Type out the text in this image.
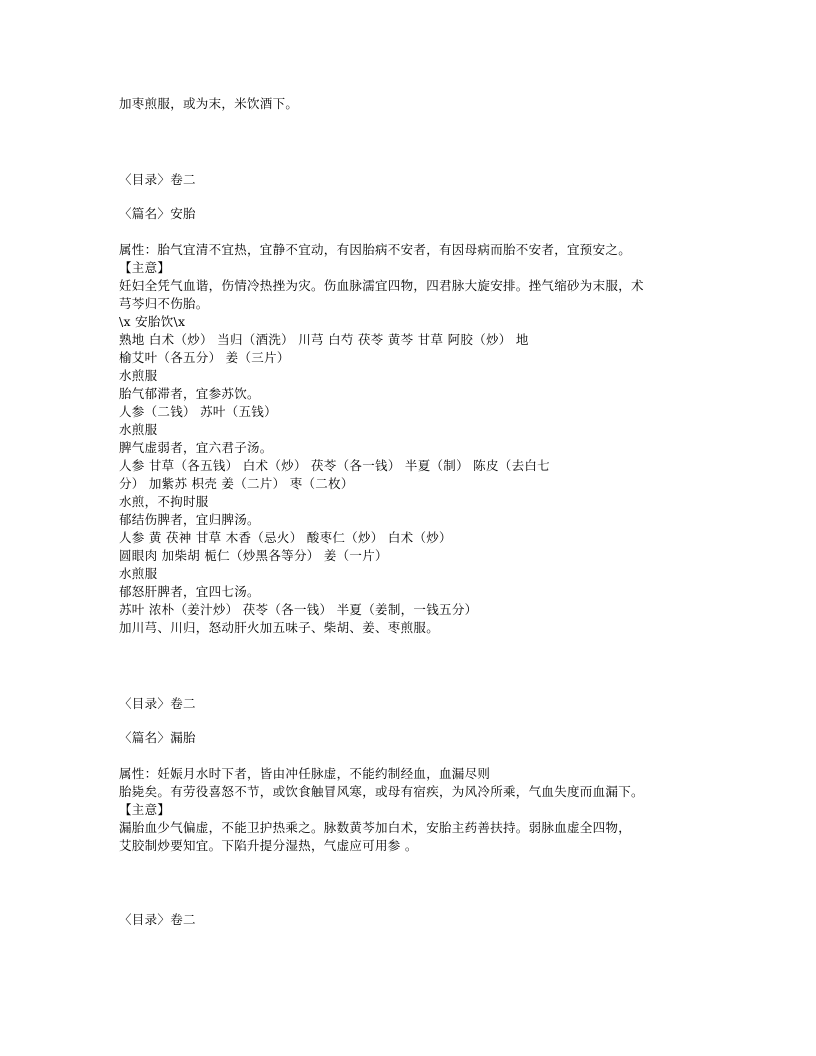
加枣煎服，或为末，米饮酒下。
〈目录〉卷二
〈篇名〉安胎
属性：胎气宜清不宜热，宜静不宜动，有因胎病不安者，有因母病而胎不安者，宜预安之。
【主意】
妊妇全凭气血谐，伤情冷热挫为灾。伤血脉濡宜四物，四君脉大旋安排。挫气缩砂为末服，术
芎芩归不伤胎。
\x 安胎饮\x
熟地 白术（炒） 当归（酒洗） 川芎 白芍 茯苓 黄芩 甘草 阿胶（炒） 地
榆艾叶（各五分） 姜（三片）
水煎服
胎气郁滞者，宜参苏饮。
人参（二钱） 苏叶（五钱）
水煎服
脾气虚弱者，宜六君子汤。
人参 甘草（各五钱） 白术（炒） 茯苓（各一钱） 半夏（制） 陈皮（去白七
分） 加紫苏 枳壳 姜（二片） 枣（二枚）
水煎，不拘时服
郁结伤脾者，宜归脾汤。
人参 黄 茯神 甘草 木香（忌火） 酸枣仁（炒） 白术（炒）
圆眼肉 加柴胡 栀仁（炒黑各等分） 姜（一片）
水煎服
郁怒肝脾者，宜四七汤。
苏叶 浓朴（姜汁炒） 茯苓（各一钱） 半夏（姜制，一钱五分）
加川芎、川归，怒动肝火加五味子、柴胡、姜、枣煎服。
〈目录〉卷二
〈篇名〉漏胎
属性：妊娠月水时下者，皆由冲任脉虚，不能约制经血，血漏尽则
胎毙矣。有劳役喜怒不节，或饮食触冒风寒，或母有宿疾，为风冷所乘，气血失度而血漏下。
【主意】
漏胎血少气偏虚，不能卫护热乘之。脉数黄芩加白术，安胎主药善扶持。弱脉血虚全四物，
艾胶制炒要知宜。下陷升提分湿热，气虚应可用参 。
〈目录〉卷二
